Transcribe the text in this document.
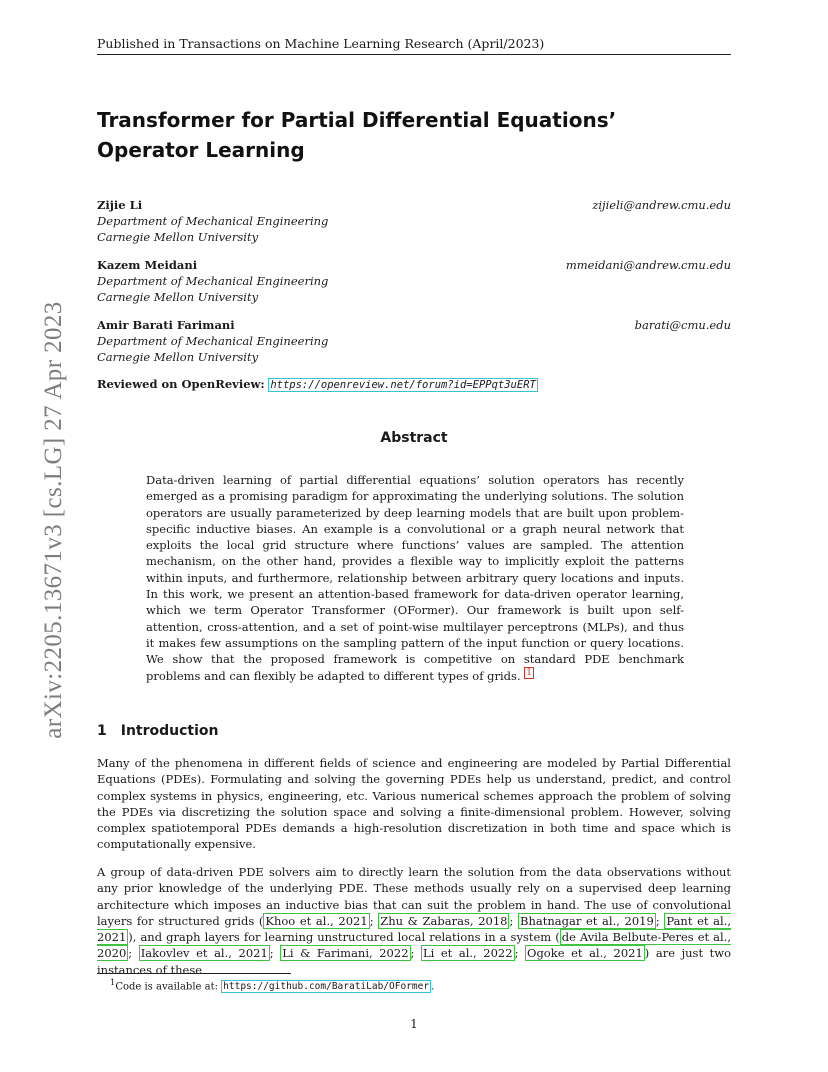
Published in Transactions on Machine Learning Research (April/2023)
arXiv:2205.13671v3 [cs.LG] 27 Apr 2023
Transformer for Partial Differential Equations’ Operator Learning
Zijie Li	zijieli@andrew.cmu.edu
Department of Mechanical Engineering
Carnegie Mellon University
Kazem Meidani	mmeidani@andrew.cmu.edu
Department of Mechanical Engineering
Carnegie Mellon University
Amir Barati Farimani	barati@cmu.edu
Department of Mechanical Engineering
Carnegie Mellon University
Reviewed on OpenReview: https://openreview.net/forum?id=EPPqt3uERT
Abstract
Data-driven learning of partial differential equations’ solution operators has recently emerged as a promising paradigm for approximating the underlying solutions. The solution operators are usually parameterized by deep learning models that are built upon problem-specific inductive biases. An example is a convolutional or a graph neural network that exploits the local grid structure where functions’ values are sampled. The attention mechanism, on the other hand, provides a flexible way to implicitly exploit the patterns within inputs, and furthermore, relationship between arbitrary query locations and inputs. In this work, we present an attention-based framework for data-driven operator learning, which we term Operator Transformer (OFormer). Our framework is built upon self-attention, cross-attention, and a set of point-wise multilayer perceptrons (MLPs), and thus it makes few assumptions on the sampling pattern of the input function or query locations. We show that the proposed framework is competitive on standard PDE benchmark problems and can flexibly be adapted to different types of grids. $^1$
1 Introduction
Many of the phenomena in different fields of science and engineering are modeled by Partial Differential Equations (PDEs). Formulating and solving the governing PDEs help us understand, predict, and control complex systems in physics, engineering, etc. Various numerical schemes approach the problem of solving the PDEs via discretizing the solution space and solving a finite-dimensional problem. However, solving complex spatiotemporal PDEs demands a high-resolution discretization in both time and space which is computationally expensive.
A group of data-driven PDE solvers aim to directly learn the solution from the data observations without any prior knowledge of the underlying PDE. These methods usually rely on a supervised deep learning architecture which imposes an inductive bias that can suit the problem in hand. The use of convolutional layers for structured grids ( Khoo et al., 2021 ; Zhu & Zabaras, 2018 ; Bhatnagar et al., 2019 ; Pant et al., 2021 ), and graph layers for learning unstructured local relations in a system ( de Avila Belbute-Peres et al., 2020 ; Iakovlev et al., 2021 ; Li & Farimani, 2022 ; Li et al., 2022 ; Ogoke et al., 2021 ) are just two instances of these
$^1$Code is available at: https://github.com/BaratiLab/OFormer .
1
